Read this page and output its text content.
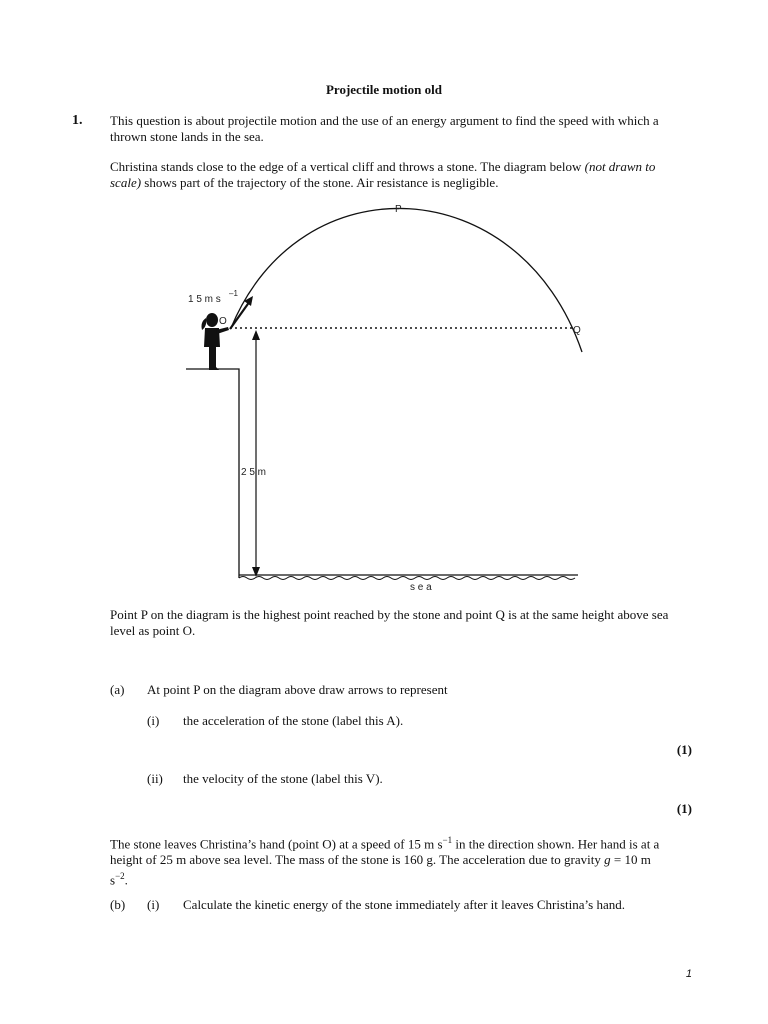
Projectile motion old
1. This question is about projectile motion and the use of an energy argument to find the speed with which a thrown stone lands in the sea.
Christina stands close to the edge of a vertical cliff and throws a stone. The diagram below (not drawn to scale) shows part of the trajectory of the stone. Air resistance is negligible.
P
O
Q
1 5 m s
–1
2 5 m
s e a
Point P on the diagram is the highest point reached by the stone and point Q is at the same height above sea level as point O.
(a) At point P on the diagram above draw arrows to represent
(i) the acceleration of the stone (label this A).
(1)
(ii) the velocity of the stone (label this V).
(1)
The stone leaves Christina’s hand (point O) at a speed of 15 m $s^{-1}$ in the direction shown. Her hand is at a height of 25 m above sea level. The mass of the stone is 160 g. The acceleration due to gravity g = 10 m $s^{-2}$.
(b) (i) Calculate the kinetic energy of the stone immediately after it leaves Christina’s hand.
1
